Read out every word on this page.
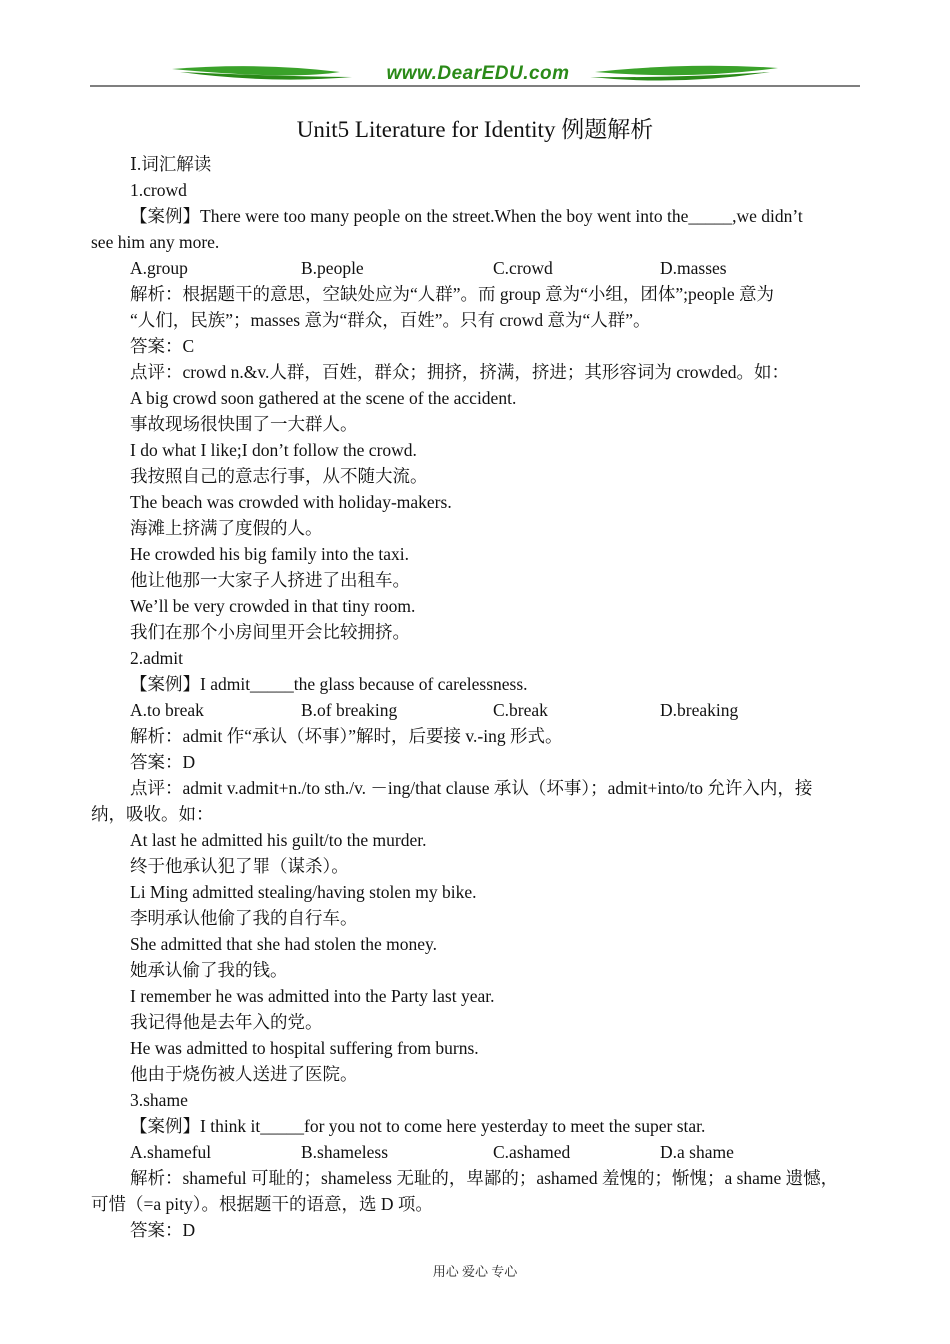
www.DearEDU.com
Unit5 Literature for Identity 例题解析
Ⅰ.词汇解读
1.crowd
【案例】There were too many people on the street.When the boy went into the_____,we didn’t
see him any more.
A.group	B.people	C.crowd	D.masses
解析：根据题干的意思，空缺处应为“人群”。而 group 意为“小组，团体”;people 意为
“人们，民族”；masses 意为“群众，百姓”。只有 crowd 意为“人群”。
答案：C
点评：crowd n.&v.人群，百姓，群众；拥挤，挤满，挤进；其形容词为 crowded。如：
A big crowd soon gathered at the scene of the accident.
事故现场很快围了一大群人。
I do what I like;I don’t follow the crowd.
我按照自己的意志行事，从不随大流。
The beach was crowded with holiday-makers.
海滩上挤满了度假的人。
He crowded his big family into the taxi.
他让他那一大家子人挤进了出租车。
We’ll be very crowded in that tiny room.
我们在那个小房间里开会比较拥挤。
2.admit
【案例】I admit_____the glass because of carelessness.
A.to break	B.of breaking	C.break	D.breaking
解析：admit 作“承认（坏事）”解时，后要接 v.-ing 形式。
答案：D
点评：admit v.admit+n./to sth./v. －ing/that clause 承认（坏事）；admit+into/to 允许入内，接
纳，吸收。如：
At last he admitted his guilt/to the murder.
终于他承认犯了罪（谋杀）。
Li Ming admitted stealing/having stolen my bike.
李明承认他偷了我的自行车。
She admitted that she had stolen the money.
她承认偷了我的钱。
I remember he was admitted into the Party last year.
我记得他是去年入的党。
He was admitted to hospital suffering from burns.
他由于烧伤被人送进了医院。
3.shame
【案例】I think it_____for you not to come here yesterday to meet the super star.
A.shameful	B.shameless	C.ashamed	D.a shame
解析：shameful 可耻的；shameless 无耻的，卑鄙的；ashamed 羞愧的；惭愧；a shame 遗憾，
可惜（=a pity）。根据题干的语意，选 D 项。
答案：D
用心 爱心 专心
